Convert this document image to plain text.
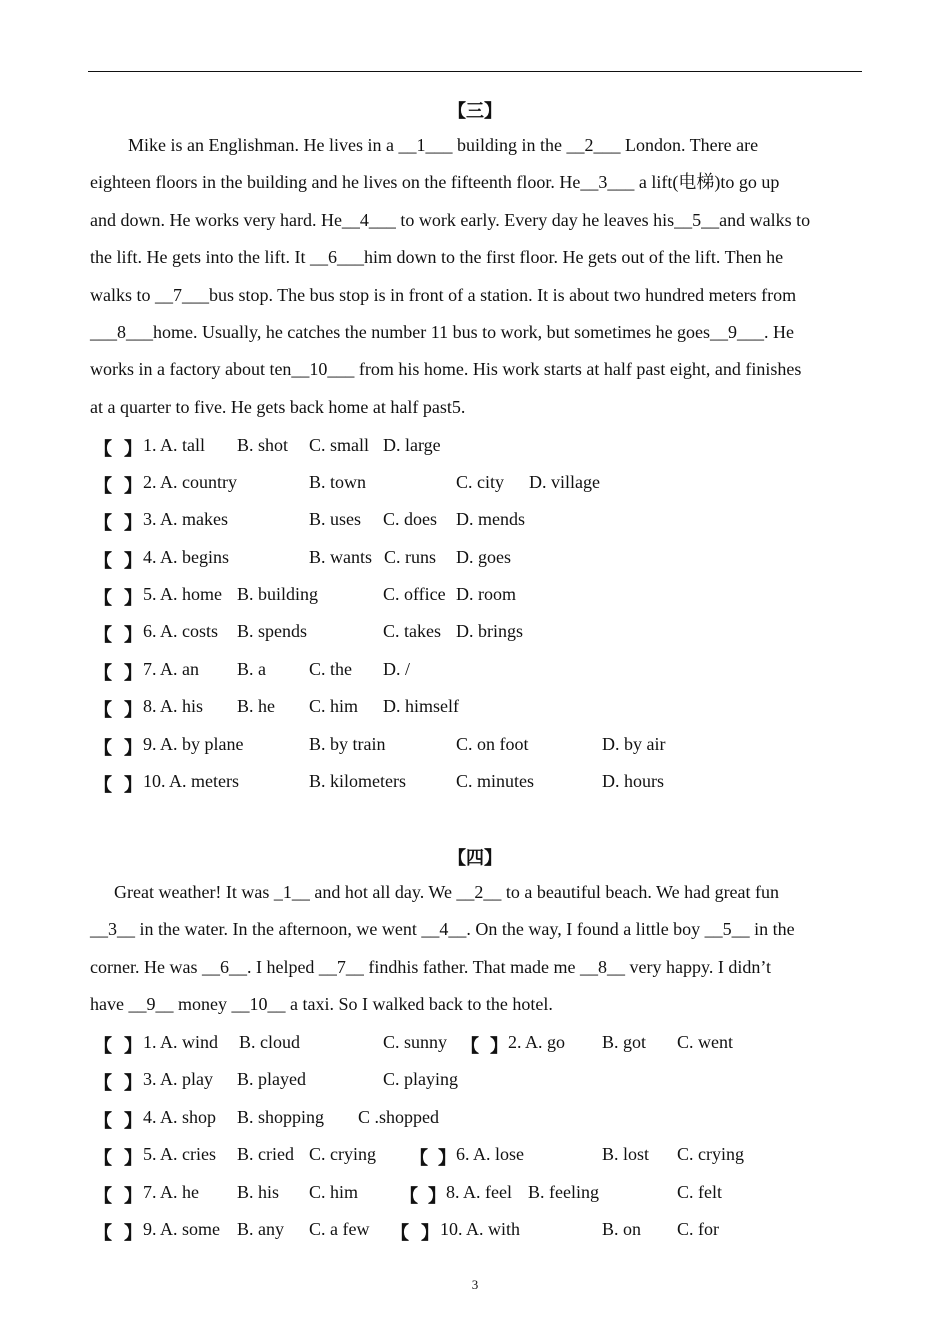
【三】

Mike is an Englishman. He lives in a __1___ building in the __2___ London. There are

eighteen floors in the building and he lives on the fifteenth floor. He__3___ a lift(电梯)to go up

and down. He works very hard. He__4___ to work early. Every day he leaves his__5__and walks to

the lift. He gets into the lift. It __6___him down to the first floor. He gets out of the lift. Then he

walks to __7___bus stop. The bus stop is in front of a station. It is about two hundred meters from

___8___home. Usually, he catches the number 11 bus to work, but sometimes he goes__9___. He

works in a factory about ten__10___ from his home. His work starts at half past eight, and finishes

at a quarter to five. He gets back home at half past5.

【 】 1. A. tall B. shot C. small D. large
【 】 2. A. country	B. town	C. city D. village
【 】 3. A. makes	B. uses C. does D. mends
【 】 4. A. begins	B. wants C. runs D. goes
【 】 5. A. home B. building	C. office D. room
【 】 6. A. costs B. spends	C. takes D. brings
【 】 7. A. an B. a C. the D. /
【 】 8. A. his B. he C. him D. himself
【 】 9. A. by plane	B. by train	C. on foot	D. by air
【 】 10. A. meters	B. kilometers	C. minutes	D. hours
【四】

Great weather! It was _1__ and hot all day. We __2__ to a beautiful beach. We had great fun

__3__ in the water. In the afternoon, we went __4__. On the way, I found a little boy __5__ in the

corner. He was __6__. I helped __7__ findhis father. That made me __8__ very happy. I didn’t

have __9__ money __10__ a taxi. So I walked back to the hotel.

【 】 1. A. wind B. cloud	C. sunny 【 】 2. A. go B. got C. went
【 】 3. A. play B. played	C. playing
【 】 4. A. shop B. shopping C .shopped
【 】 5. A. cries B. cried C. crying 【 】 6. A. lose	B. lost C. crying
【 】 7. A. he B. his C. him 【 】 8. A. feel B. feeling	C. felt
【 】 9. A. some B. any C. a few 【 】 10. A. with	B. on C. for
3
